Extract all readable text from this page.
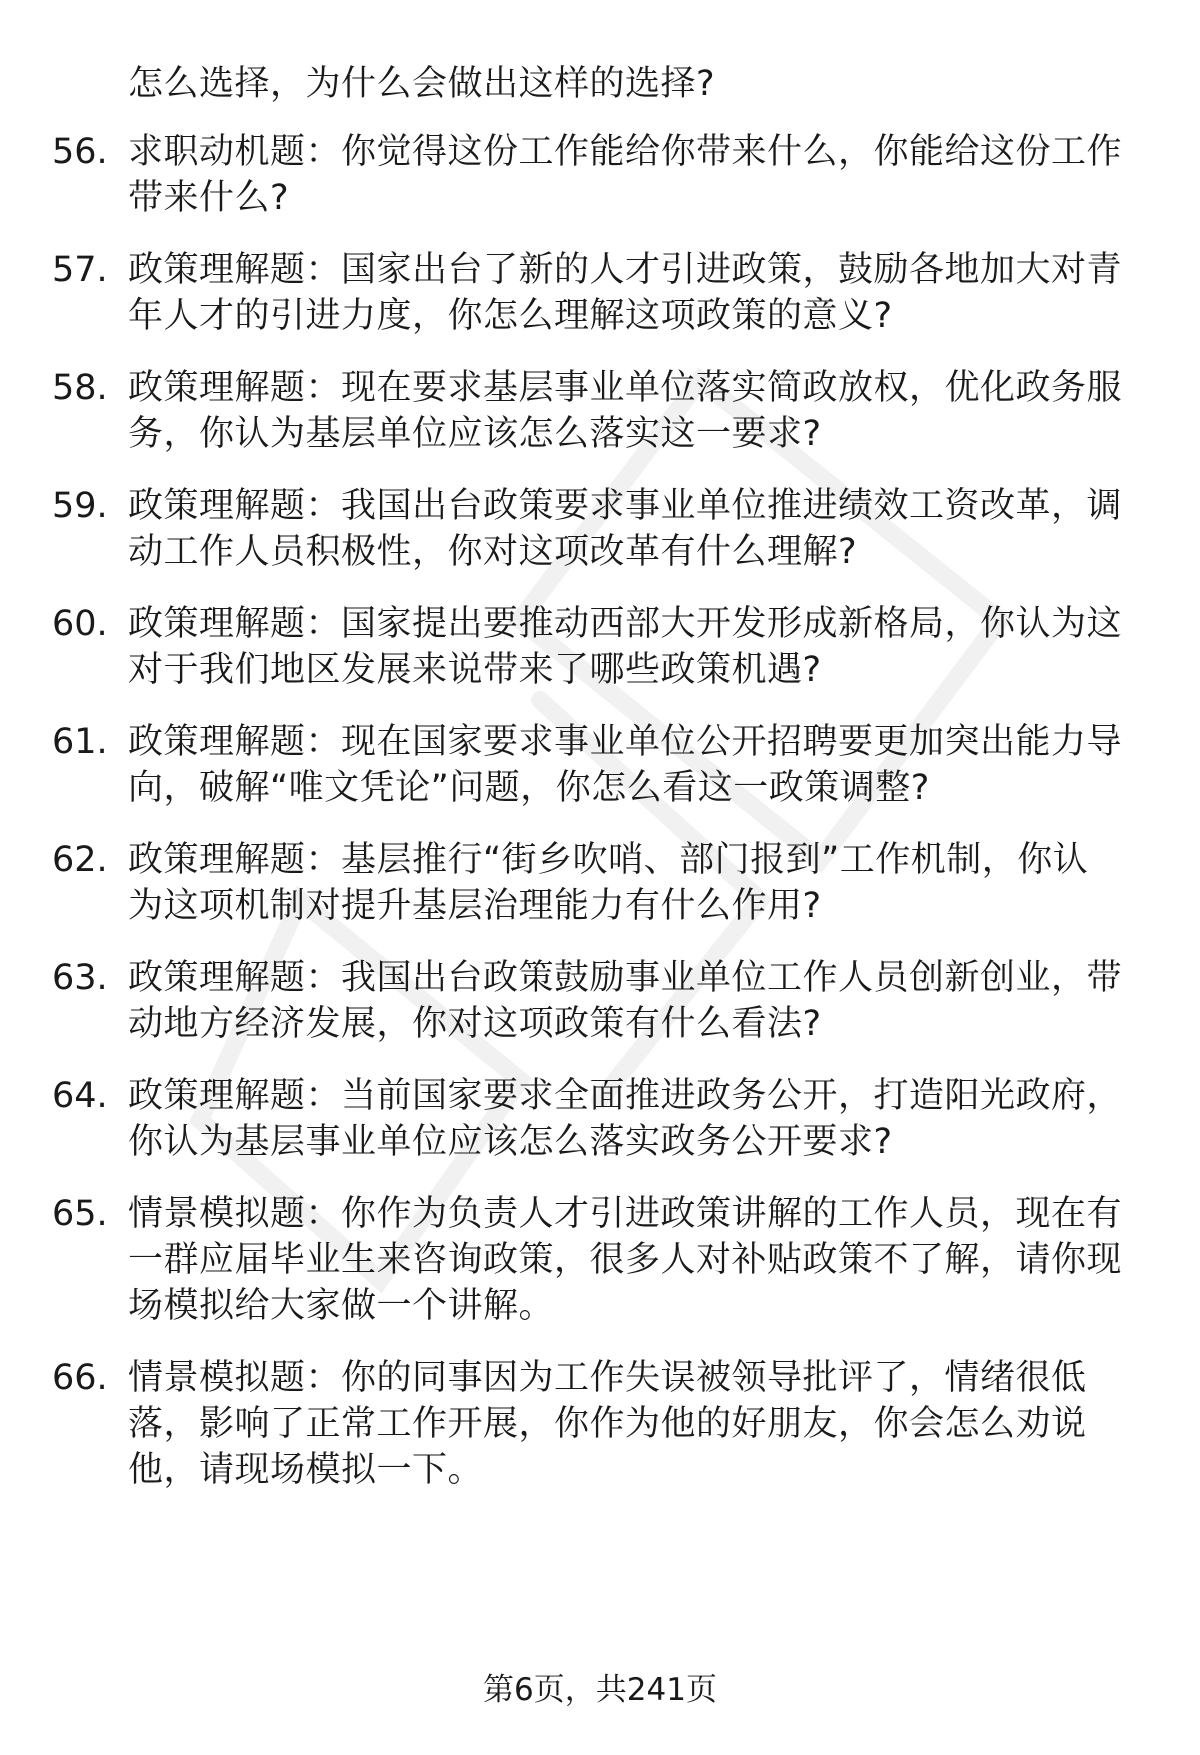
怎么选择，为什么会做出这样的选择?
56. 求职动机题：你觉得这份工作能给你带来什么，你能给这份工作
带来什么?
57. 政策理解题：国家出台了新的人才引进政策，鼓励各地加大对青
年人才的引进力度，你怎么理解这项政策的意义?
58. 政策理解题：现在要求基层事业单位落实简政放权，优化政务服
务，你认为基层单位应该怎么落实这一要求?
59. 政策理解题：我国出台政策要求事业单位推进绩效工资改革，调
动工作人员积极性，你对这项改革有什么理解?
60. 政策理解题：国家提出要推动西部大开发形成新格局，你认为这
对于我们地区发展来说带来了哪些政策机遇?
61. 政策理解题：现在国家要求事业单位公开招聘要更加突出能力导
向，破解“唯文凭论”问题，你怎么看这一政策调整?
62. 政策理解题：基层推行“街乡吹哨、部门报到”工作机制，你认
为这项机制对提升基层治理能力有什么作用?
63. 政策理解题：我国出台政策鼓励事业单位工作人员创新创业，带
动地方经济发展，你对这项政策有什么看法?
64. 政策理解题：当前国家要求全面推进政务公开，打造阳光政府，
你认为基层事业单位应该怎么落实政务公开要求?
65. 情景模拟题：你作为负责人才引进政策讲解的工作人员，现在有
一群应届毕业生来咨询政策，很多人对补贴政策不了解，请你现
场模拟给大家做一个讲解。
66. 情景模拟题：你的同事因为工作失误被领导批评了，情绪很低
落，影响了正常工作开展，你作为他的好朋友，你会怎么劝说
他，请现场模拟一下。
第6页，共241页
